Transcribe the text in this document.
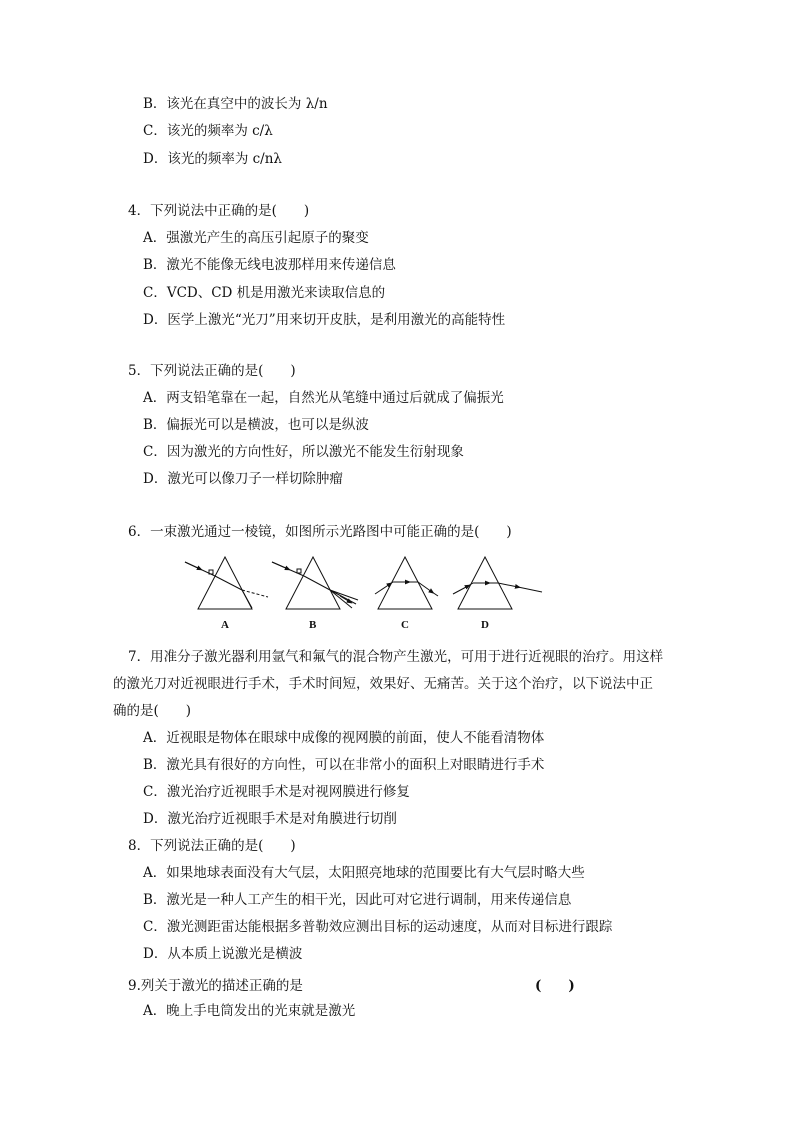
B．该光在真空中的波长为 λ/n
C．该光的频率为 c/λ
D．该光的频率为 c/nλ
4．下列说法中正确的是(　　)
A．强激光产生的高压引起原子的聚变
B．激光不能像无线电波那样用来传递信息
C．VCD、CD 机是用激光来读取信息的
D．医学上激光“光刀”用来切开皮肤，是利用激光的高能特性
5．下列说法正确的是(　　)
A．两支铅笔靠在一起，自然光从笔缝中通过后就成了偏振光
B．偏振光可以是横波，也可以是纵波
C．因为激光的方向性好，所以激光不能发生衍射现象
D．激光可以像刀子一样切除肿瘤
6．一束激光通过一棱镜，如图所示光路图中可能正确的是(　　)
A	B	C	D
7．用准分子激光器利用氩气和氟气的混合物产生激光，可用于进行近视眼的治疗。用这样
的激光刀对近视眼进行手术，手术时间短，效果好、无痛苦。关于这个治疗，以下说法中正
确的是(　　)
A．近视眼是物体在眼球中成像的视网膜的前面，使人不能看清物体
B．激光具有很好的方向性，可以在非常小的面积上对眼睛进行手术
C．激光治疗近视眼手术是对视网膜进行修复
D．激光治疗近视眼手术是对角膜进行切削
8．下列说法正确的是(　　)
A．如果地球表面没有大气层，太阳照亮地球的范围要比有大气层时略大些
B．激光是一种人工产生的相干光，因此可对它进行调制，用来传递信息
C．激光测距雷达能根据多普勒效应测出目标的运动速度，从而对目标进行跟踪
D．从本质上说激光是横波
9.列关于激光的描述正确的是	(　　)
A．晚上手电筒发出的光束就是激光
